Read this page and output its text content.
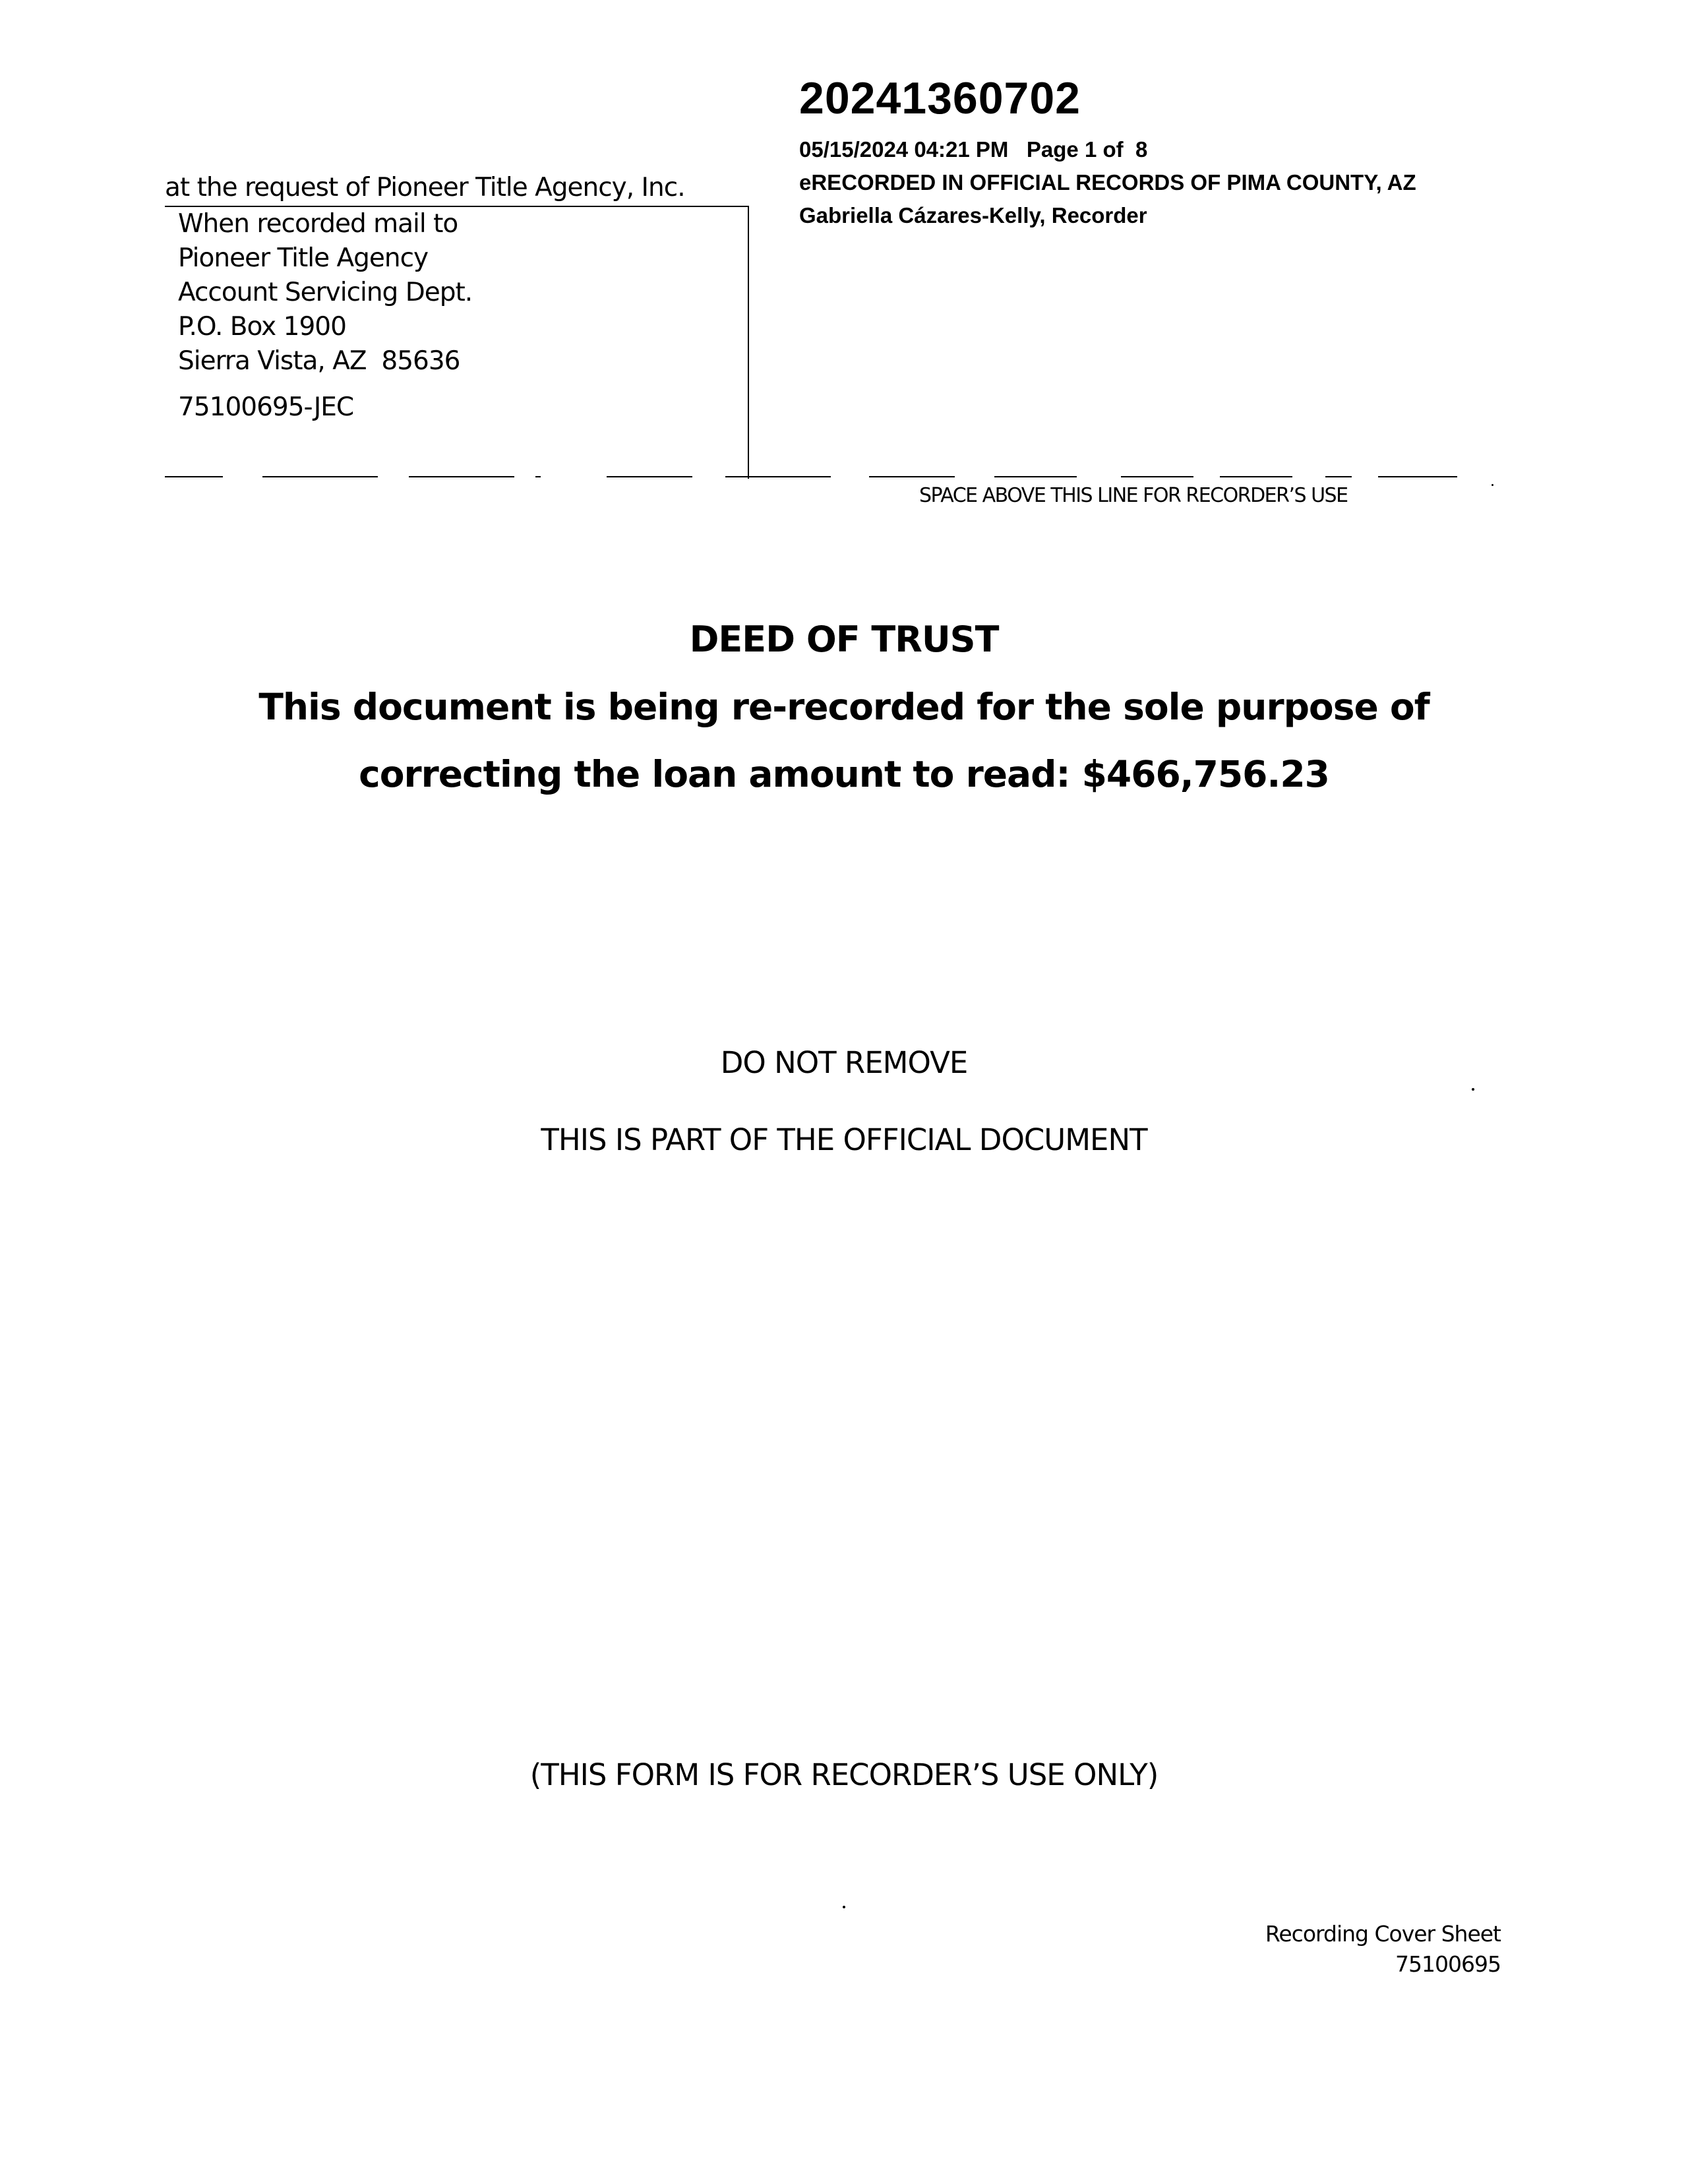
20241360702
05/15/2024 04:21 PM   Page 1 of  8
eRECORDED IN OFFICIAL RECORDS OF PIMA COUNTY, AZ
Gabriella Cázares-Kelly, Recorder
at the request of Pioneer Title Agency, Inc.
When recorded mail to
Pioneer Title Agency
Account Servicing Dept.
P.O. Box 1900
Sierra Vista, AZ  85636
75100695-JEC
SPACE ABOVE THIS LINE FOR RECORDER’S USE
DEED OF TRUST
This document is being re-recorded for the sole purpose of
correcting the loan amount to read: $466,756.23
DO NOT REMOVE
THIS IS PART OF THE OFFICIAL DOCUMENT
(THIS FORM IS FOR RECORDER’S USE ONLY)
Recording Cover Sheet
75100695
